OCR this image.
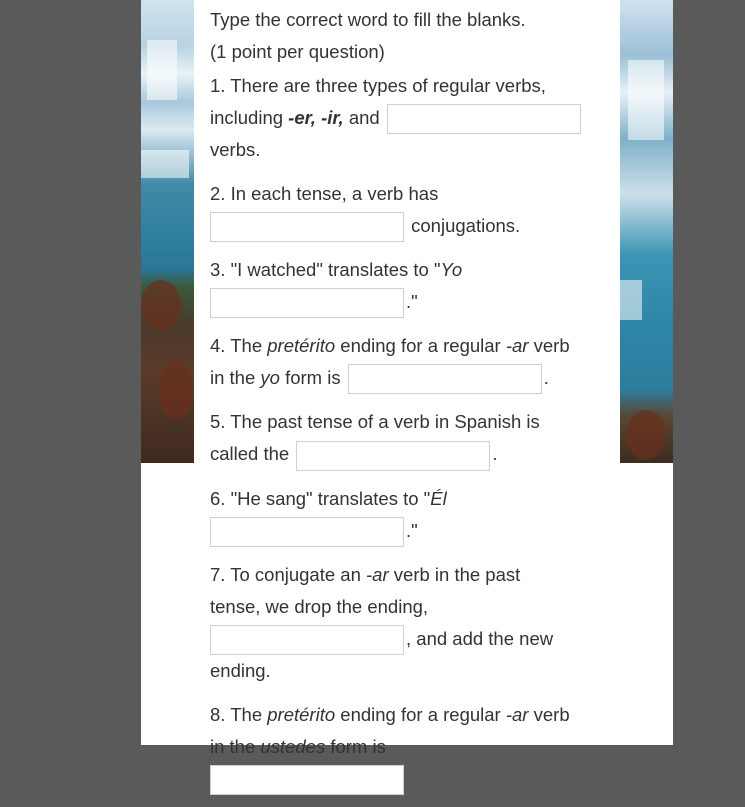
Type the correct word to fill the blanks.
(1 point per question)
1. There are three types of regular verbs,
including -er, -ir, and
verbs.
2. In each tense, a verb has
conjugations.
3. "I watched" translates to "Yo
."
4. The pretérito ending for a regular -ar verb
in the yo form is	.
5. The past tense of a verb in Spanish is
called the	.
6. "He sang" translates to "Él
."
7. To conjugate an -ar verb in the past
tense, we drop the ending,
, and add the new
ending.
8. The pretérito ending for a regular -ar verb
in the ustedes form is
